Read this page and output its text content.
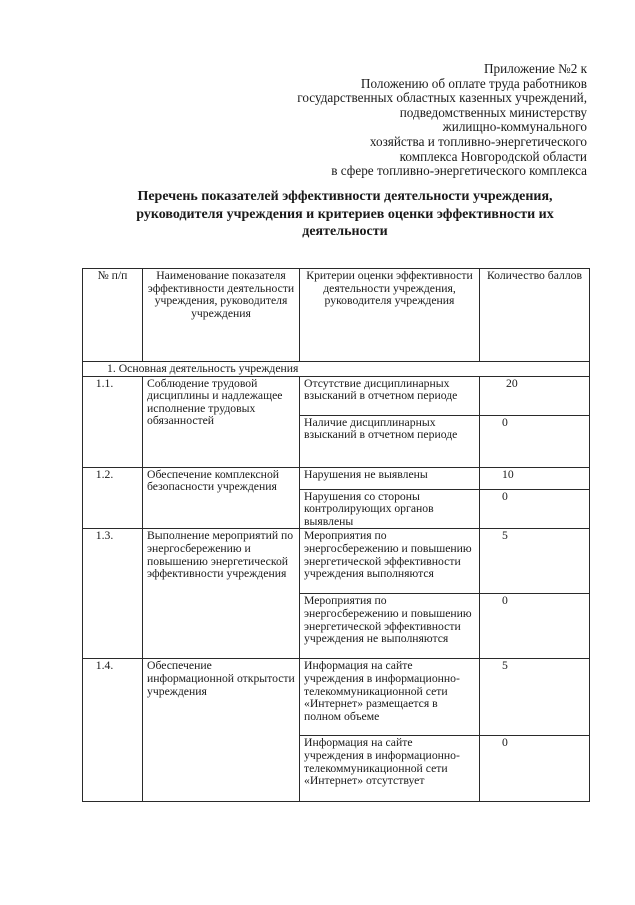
Приложение №2 к
Положению об оплате труда работников
государственных областных казенных учреждений,
подведомственных министерству
жилищно-коммунального
хозяйства и топливно-энергетического
комплекса Новгородской области
в сфере топливно-энергетического комплекса
Перечень показателей эффективности деятельности учреждения,
руководителя учреждения и критериев оценки эффективности их
деятельности
№ п/п	Наименование показателя эффективности деятельности учреждения, руководителя учреждения	Критерии оценки эффективности деятельности учреждения, руководителя учреждения	Количество баллов
1. Основная деятельность учреждения			
1.1.	Соблюдение трудовой дисциплины и надлежащее исполнение трудовых обязанностей	Отсутствие дисциплинарных взысканий в отчетном периоде	20
		Наличие дисциплинарных взысканий в отчетном периоде	0
1.2.	Обеспечение комплексной безопасности учреждения	Нарушения не выявлены	10
		Нарушения со стороны контролирующих органов выявлены	0
1.3.	Выполнение мероприятий по энергосбережению и повышению энергетической эффективности учреждения	Мероприятия по энергосбережению и повышению энергетической эффективности учреждения выполняются	5
		Мероприятия по энергосбережению и повышению энергетической эффективности учреждения не выполняются	0
1.4.	Обеспечение информационной открытости учреждения	Информация на сайте учреждения в информационно-телекоммуникационной сети «Интернет» размещается в полном объеме	5
		Информация на сайте учреждения в информационно-телекоммуникационной сети «Интернет» отсутствует	0
